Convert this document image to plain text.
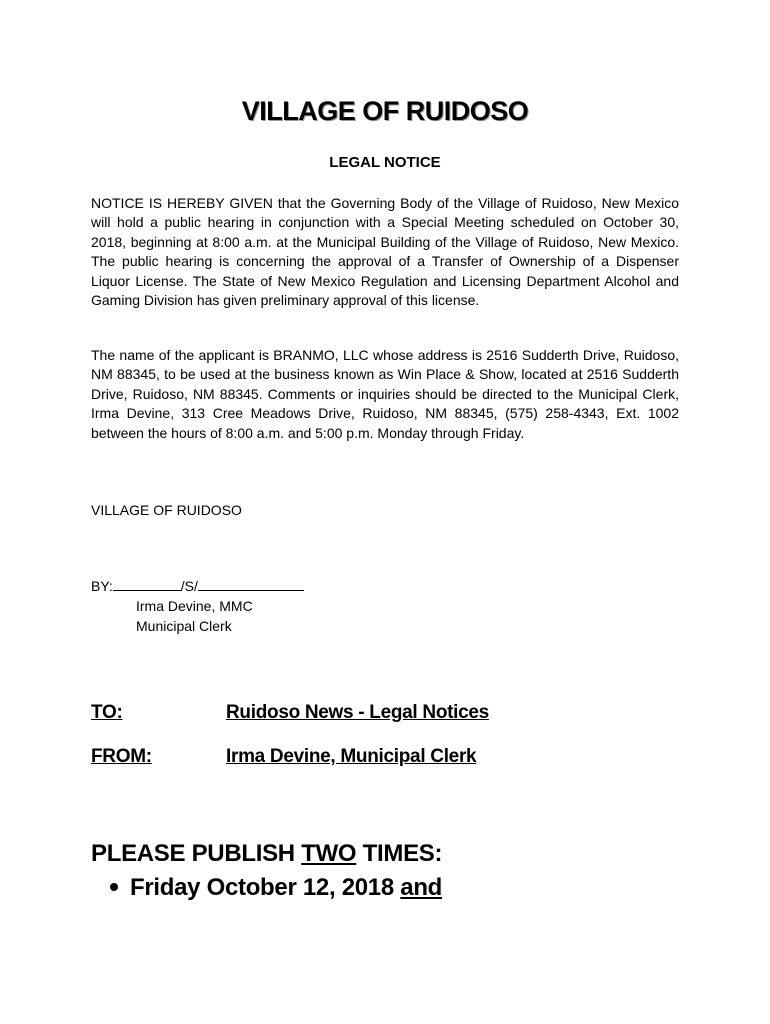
VILLAGE OF RUIDOSO
LEGAL NOTICE

NOTICE IS HEREBY GIVEN that the Governing Body of the Village of Ruidoso, New Mexico will hold a public hearing in conjunction with a Special Meeting scheduled on October 30, 2018, beginning at 8:00 a.m. at the Municipal Building of the Village of Ruidoso, New Mexico. The public hearing is concerning the approval of a Transfer of Ownership of a Dispenser Liquor License. The State of New Mexico Regulation and Licensing Department Alcohol and Gaming Division has given preliminary approval of this license.

The name of the applicant is BRANMO, LLC whose address is 2516 Sudderth Drive, Ruidoso, NM 88345, to be used at the business known as Win Place & Show, located at 2516 Sudderth Drive, Ruidoso, NM 88345. Comments or inquiries should be directed to the Municipal Clerk, Irma Devine, 313 Cree Meadows Drive, Ruidoso, NM 88345, (575) 258-4343, Ext. 1002 between the hours of 8:00 a.m. and 5:00 p.m. Monday through Friday.

VILLAGE OF RUIDOSO
BY:	/S/
Irma Devine, MMC
Municipal Clerk
TO:	Ruidoso News - Legal Notices
FROM:	Irma Devine, Municipal Clerk
PLEASE PUBLISH TWO TIMES:
Friday October 12, 2018 and
